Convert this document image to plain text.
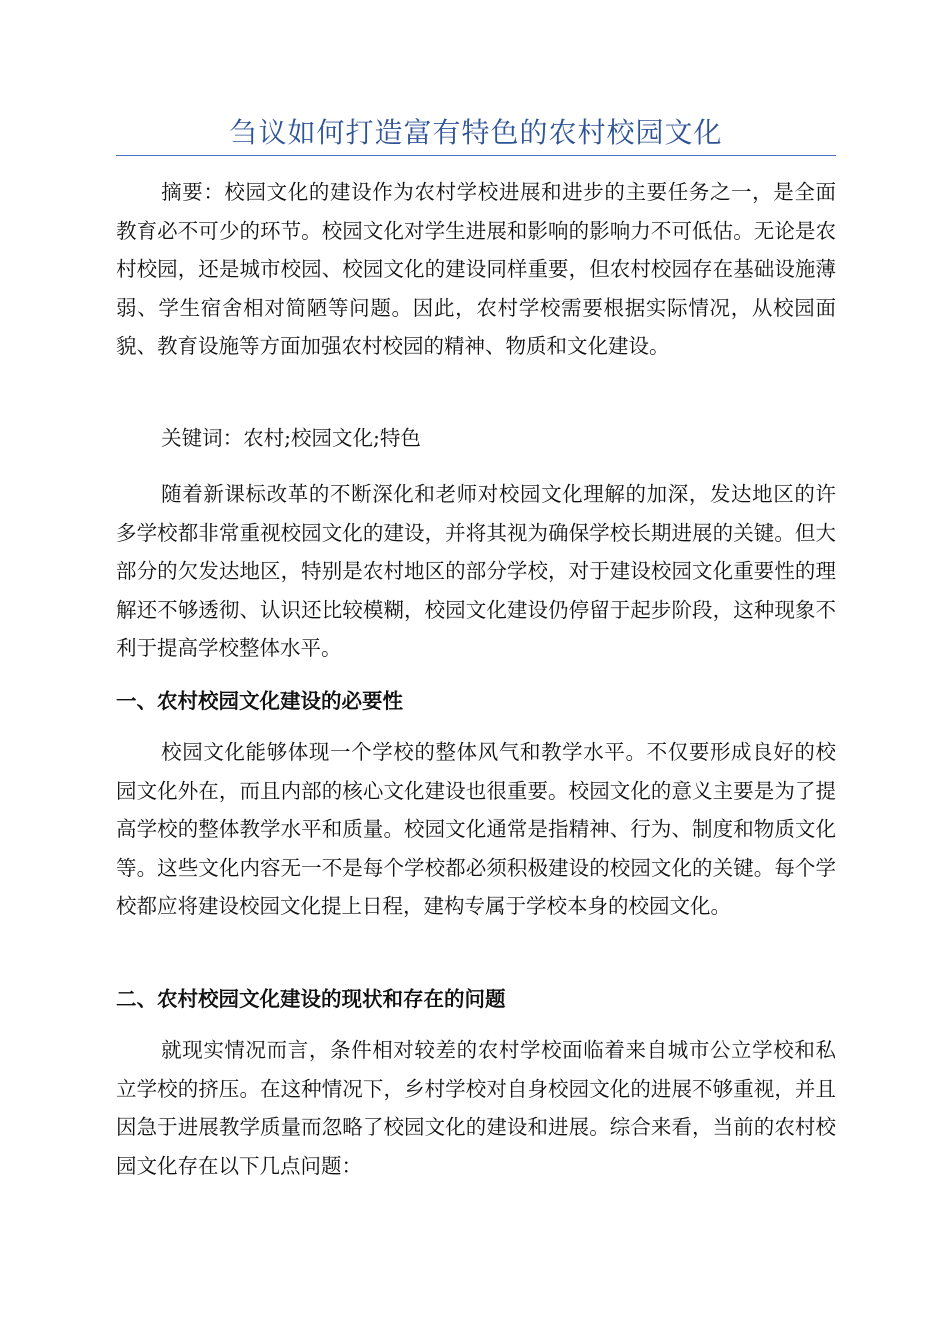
刍议如何打造富有特色的农村校园文化

摘要：校园文化的建设作为农村学校进展和进步的主要任务之一，是全面教育必不可少的环节。校园文化对学生进展和影响的影响力不可低估。无论是农村校园，还是城市校园、校园文化的建设同样重要，但农村校园存在基础设施薄弱、学生宿舍相对简陋等问题。因此，农村学校需要根据实际情况，从校园面貌、教育设施等方面加强农村校园的精神、物质和文化建设。

关键词：农村;校园文化;特色

随着新课标改革的不断深化和老师对校园文化理解的加深，发达地区的许多学校都非常重视校园文化的建设，并将其视为确保学校长期进展的关键。但大部分的欠发达地区，特别是农村地区的部分学校，对于建设校园文化重要性的理解还不够透彻、认识还比较模糊，校园文化建设仍停留于起步阶段，这种现象不利于提高学校整体水平。

一、农村校园文化建设的必要性

校园文化能够体现一个学校的整体风气和教学水平。不仅要形成良好的校园文化外在，而且内部的核心文化建设也很重要。校园文化的意义主要是为了提高学校的整体教学水平和质量。校园文化通常是指精神、行为、制度和物质文化等。这些文化内容无一不是每个学校都必须积极建设的校园文化的关键。每个学校都应将建设校园文化提上日程，建构专属于学校本身的校园文化。

二、农村校园文化建设的现状和存在的问题

就现实情况而言，条件相对较差的农村学校面临着来自城市公立学校和私立学校的挤压。在这种情况下，乡村学校对自身校园文化的进展不够重视，并且因急于进展教学质量而忽略了校园文化的建设和进展。综合来看，当前的农村校园文化存在以下几点问题：
